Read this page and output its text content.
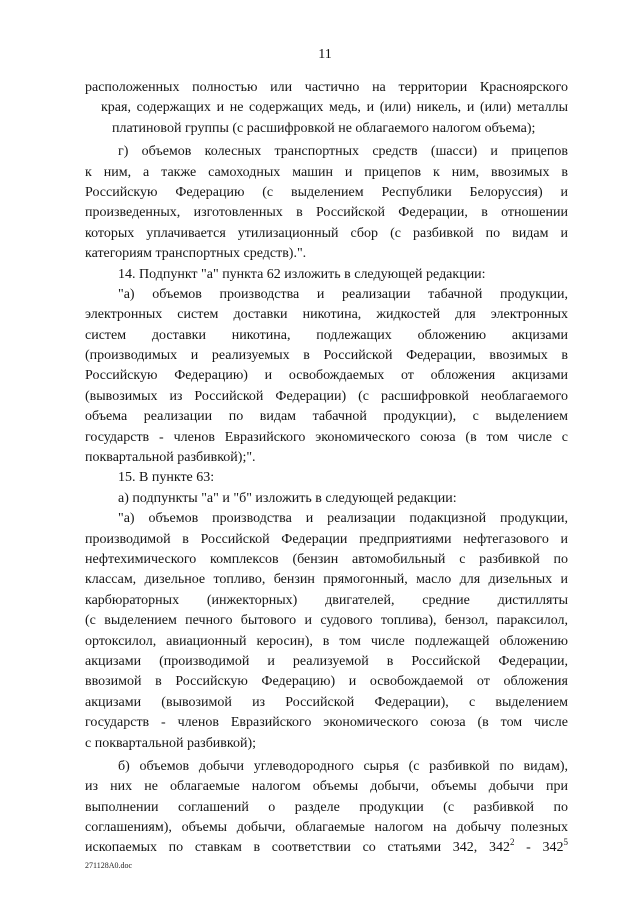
11
расположенных полностью или частично на территории Красноярского
края, содержащих и не содержащих медь, и (или) никель, и (или) металлы
платиновой группы (с расшифровкой не облагаемого налогом объема);
г) объемов колесных транспортных средств (шасси) и прицепов
к ним, а также самоходных машин и прицепов к ним, ввозимых в
Российскую Федерацию (с выделением Республики Белоруссия) и
произведенных, изготовленных в Российской Федерации, в отношении
которых уплачивается утилизационный сбор (с разбивкой по видам и
категориям транспортных средств).".
14. Подпункт "а" пункта 62 изложить в следующей редакции:
"а) объемов производства и реализации табачной продукции,
электронных систем доставки никотина, жидкостей для электронных
систем доставки никотина, подлежащих обложению акцизами
(производимых и реализуемых в Российской Федерации, ввозимых в
Российскую Федерацию) и освобождаемых от обложения акцизами
(вывозимых из Российской Федерации) (с расшифровкой необлагаемого
объема реализации по видам табачной продукции), с выделением
государств - членов Евразийского экономического союза (в том числе с
поквартальной разбивкой);".
15. В пункте 63:
а) подпункты "а" и "б" изложить в следующей редакции:
"а) объемов производства и реализации подакцизной продукции,
производимой в Российской Федерации предприятиями нефтегазового и
нефтехимического комплексов (бензин автомобильный с разбивкой по
классам, дизельное топливо, бензин прямогонный, масло для дизельных и
карбюраторных (инжекторных) двигателей, средние дистилляты
(с выделением печного бытового и судового топлива), бензол, параксилол,
ортоксилол, авиационный керосин), в том числе подлежащей обложению
акцизами (производимой и реализуемой в Российской Федерации,
ввозимой в Российскую Федерацию) и освобождаемой от обложения
акцизами (вывозимой из Российской Федерации), с выделением
государств - членов Евразийского экономического союза (в том числе
с поквартальной разбивкой);
б) объемов добычи углеводородного сырья (с разбивкой по видам),
из них не облагаемые налогом объемы добычи, объемы добычи при
выполнении соглашений о разделе продукции (с разбивкой по
соглашениям), объемы добычи, облагаемые налогом на добычу полезных
ископаемых по ставкам в соответствии со статьями 342, $342^2 - 342^5$
271128A0.doc
